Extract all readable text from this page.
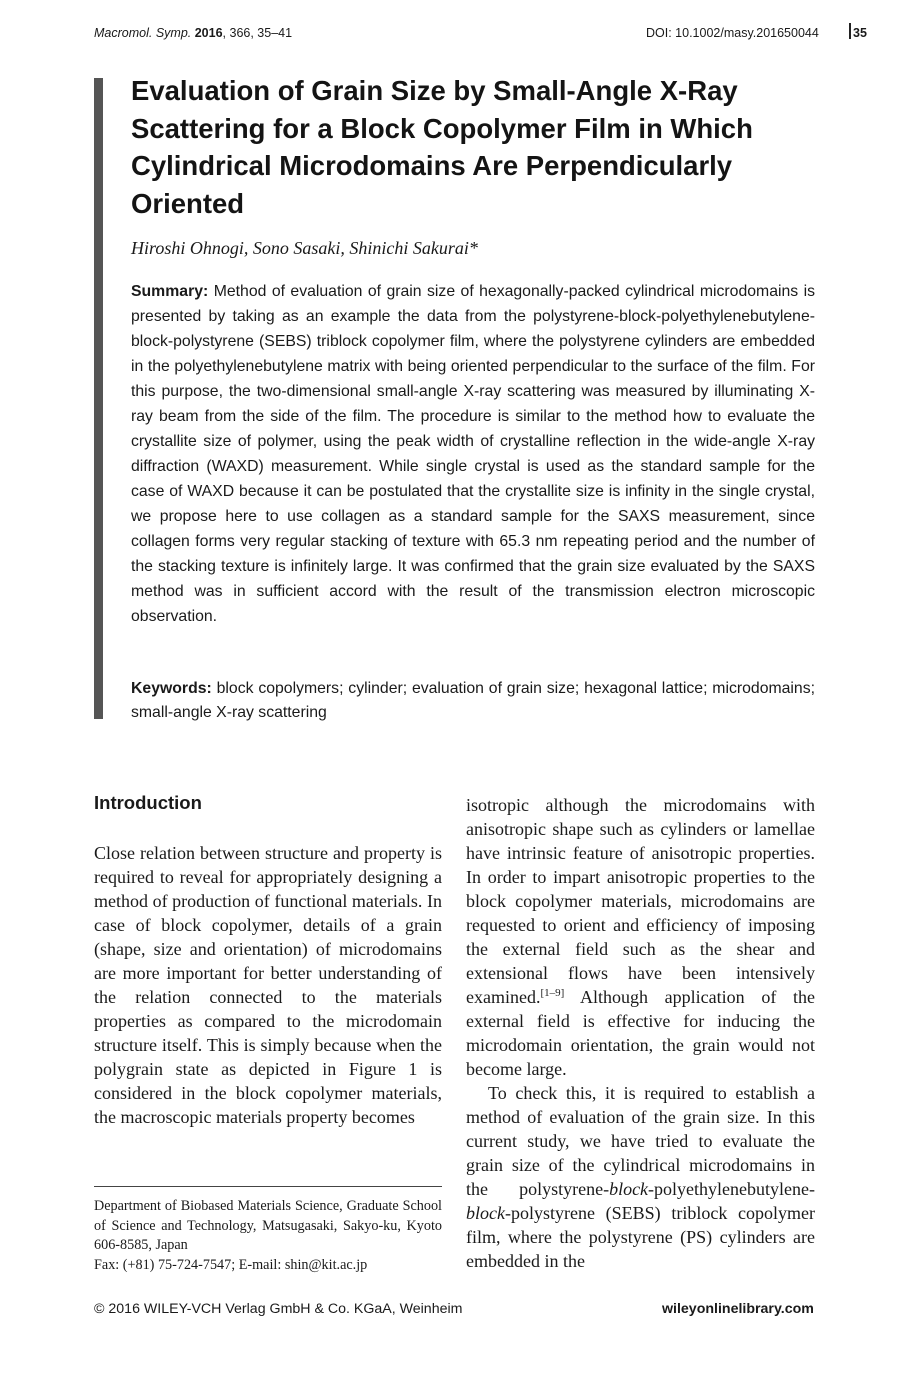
Macromol. Symp. 2016, 366, 35–41	DOI: 10.1002/masy.201650044	35
Evaluation of Grain Size by Small-Angle X-Ray Scattering for a Block Copolymer Film in Which Cylindrical Microdomains Are Perpendicularly Oriented
Hiroshi Ohnogi, Sono Sasaki, Shinichi Sakurai*

Summary: Method of evaluation of grain size of hexagonally-packed cylindrical microdomains is presented by taking as an example the data from the polystyrene-block-polyethylenebutylene-block-polystyrene (SEBS) triblock copolymer film, where the polystyrene cylinders are embedded in the polyethylenebutylene matrix with being oriented perpendicular to the surface of the film. For this purpose, the two-dimensional small-angle X-ray scattering was measured by illuminating X-ray beam from the side of the film. The procedure is similar to the method how to evaluate the crystallite size of polymer, using the peak width of crystalline reflection in the wide-angle X-ray diffraction (WAXD) measurement. While single crystal is used as the standard sample for the case of WAXD because it can be postulated that the crystallite size is infinity in the single crystal, we propose here to use collagen as a standard sample for the SAXS measurement, since collagen forms very regular stacking of texture with 65.3 nm repeating period and the number of the stacking texture is infinitely large. It was confirmed that the grain size evaluated by the SAXS method was in sufficient accord with the result of the transmission electron microscopic observation.

Keywords: block copolymers; cylinder; evaluation of grain size; hexagonal lattice; microdomains; small-angle X-ray scattering

Introduction

Close relation between structure and property is required to reveal for appropriately designing a method of production of functional materials. In case of block copolymer, details of a grain (shape, size and orientation) of microdomains are more important for better understanding of the relation connected to the materials properties as compared to the microdomain structure itself. This is simply because when the polygrain state as depicted in Figure 1 is considered in the block copolymer materials, the macroscopic materials property becomes

Department of Biobased Materials Science, Graduate School of Science and Technology, Matsugasaki, Sakyo-ku, Kyoto 606-8585, Japan
Fax: (+81) 75-724-7547; E-mail: shin@kit.ac.jp

isotropic although the microdomains with anisotropic shape such as cylinders or lamellae have intrinsic feature of anisotropic properties. In order to impart anisotropic properties to the block copolymer materials, microdomains are requested to orient and efficiency of imposing the external field such as the shear and extensional flows have been intensively examined.[1–9] Although application of the external field is effective for inducing the microdomain orientation, the grain would not become large.

To check this, it is required to establish a method of evaluation of the grain size. In this current study, we have tried to evaluate the grain size of the cylindrical microdomains in the polystyrene-block-polyethylenebutylene-block-polystyrene (SEBS) triblock copolymer film, where the polystyrene (PS) cylinders are embedded in the

© 2016 WILEY-VCH Verlag GmbH & Co. KGaA, Weinheim	wileyonlinelibrary.com
